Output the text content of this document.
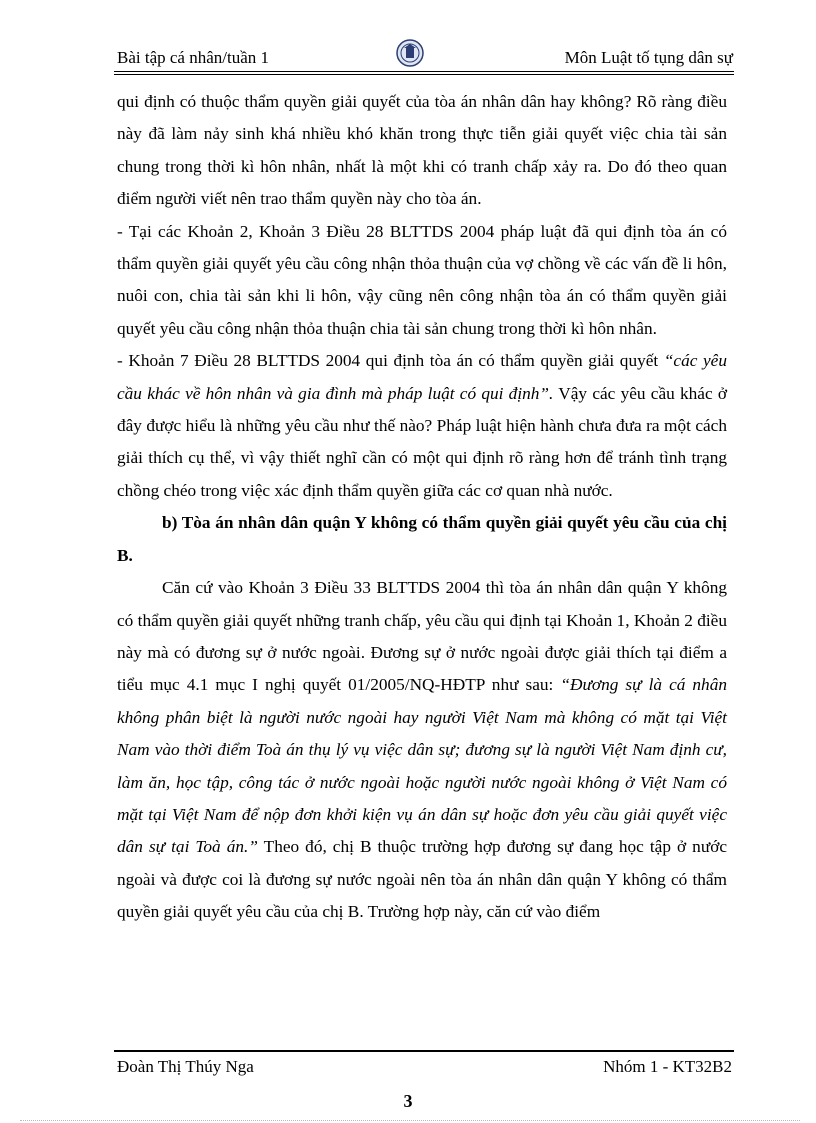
Bài tập cá nhân/tuần 1	Môn Luật tố tụng dân sự

qui định có thuộc thẩm quyền giải quyết của tòa án nhân dân hay không? Rõ ràng điều này đã làm nảy sinh khá nhiều khó khăn trong thực tiễn giải quyết việc chia tài sản chung trong thời kì hôn nhân, nhất là một khi có tranh chấp xảy ra. Do đó theo quan điểm người viết nên trao thẩm quyền này cho tòa án.

- Tại các Khoản 2, Khoản 3 Điều 28 BLTTDS 2004 pháp luật đã qui định tòa án có thẩm quyền giải quyết yêu cầu công nhận thỏa thuận của vợ chồng về các vấn đề li hôn, nuôi con, chia tài sản khi li hôn, vậy cũng nên công nhận tòa án có thẩm quyền giải quyết yêu cầu công nhận thỏa thuận chia tài sản chung trong thời kì hôn nhân.

- Khoản 7 Điều 28 BLTTDS 2004 qui định tòa án có thẩm quyền giải quyết “các yêu cầu khác về hôn nhân và gia đình mà pháp luật có qui định”. Vậy các yêu cầu khác ở đây được hiểu là những yêu cầu như thế nào? Pháp luật hiện hành chưa đưa ra một cách giải thích cụ thể, vì vậy thiết nghĩ cần có một qui định rõ ràng hơn để tránh tình trạng chồng chéo trong việc xác định thẩm quyền giữa các cơ quan nhà nước.

b) Tòa án nhân dân quận Y không có thẩm quyền giải quyết yêu cầu của chị B.

Căn cứ vào Khoản 3 Điều 33 BLTTDS 2004 thì tòa án nhân dân quận Y không có thẩm quyền giải quyết những tranh chấp, yêu cầu qui định tại Khoản 1, Khoản 2 điều này mà có đương sự ở nước ngoài. Đương sự ở nước ngoài được giải thích tại điểm a tiểu mục 4.1 mục I nghị quyết 01/2005/NQ-HĐTP như sau: “Đương sự là cá nhân không phân biệt là người nước ngoài hay người Việt Nam mà không có mặt tại Việt Nam vào thời điểm Toà án thụ lý vụ việc dân sự; đương sự là người Việt Nam định cư, làm ăn, học tập, công tác ở nước ngoài hoặc người nước ngoài không ở Việt Nam có mặt tại Việt Nam để nộp đơn khởi kiện vụ án dân sự hoặc đơn yêu cầu giải quyết việc dân sự tại Toà án.” Theo đó, chị B thuộc trường hợp đương sự đang học tập ở nước ngoài và được coi là đương sự nước ngoài nên tòa án nhân dân quận Y không có thẩm quyền giải quyết yêu cầu của chị B. Trường hợp này, căn cứ vào điểm

Đoàn Thị Thúy Nga	Nhóm 1 - KT32B2
3
